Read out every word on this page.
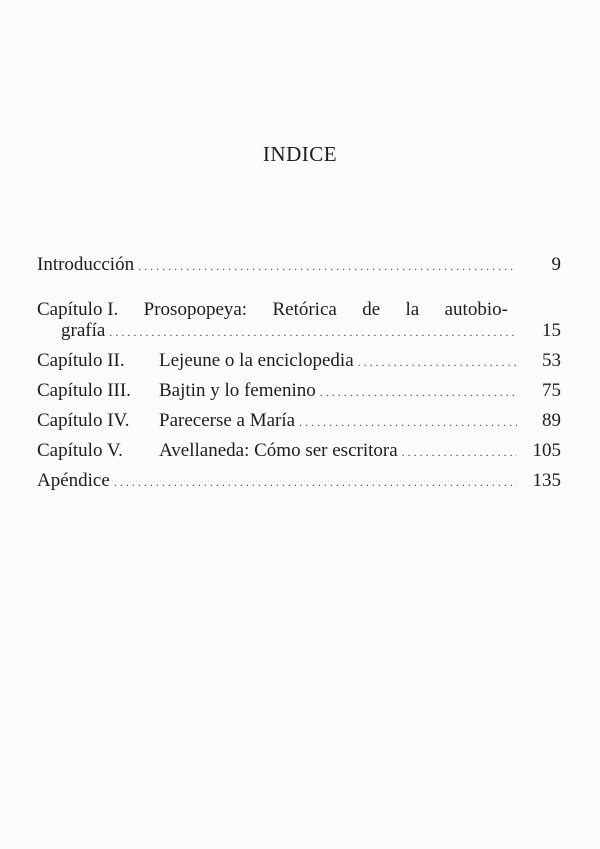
INDICE
Introducción . . .	9
Capítulo I. Prosopopeya: Retórica de la autobio-
grafía . . .	15
Capítulo II. Lejeune o la enciclopedia . . .	53
Capítulo III. Bajtin y lo femenino . . .	75
Capítulo IV. Parecerse a María . . .	89
Capítulo V. Avellaneda: Cómo ser escritora . . .	105
Apéndice . . .	135
